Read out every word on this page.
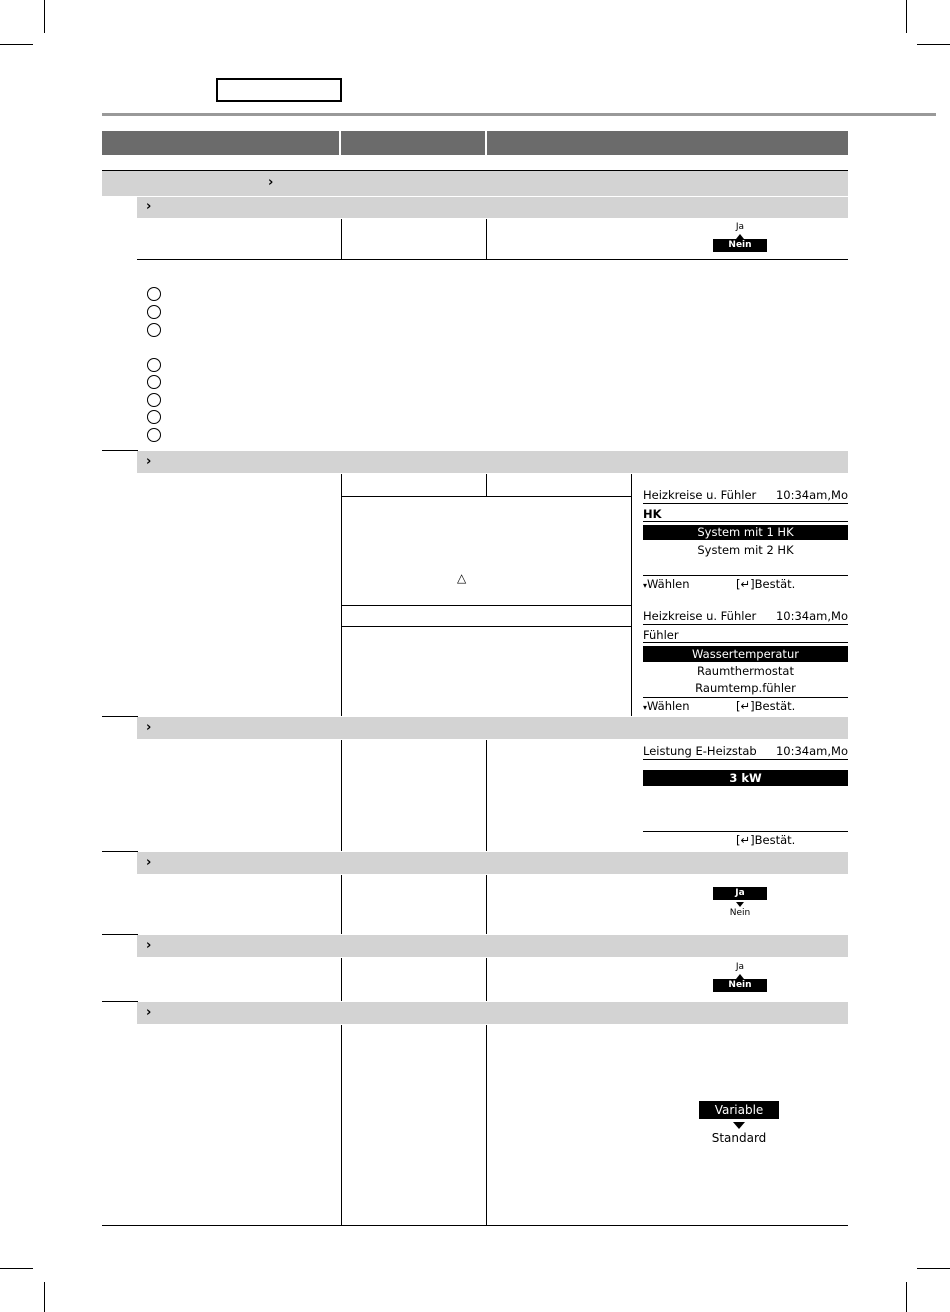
›
›
Ja
Nein
›
△
Heizkreise u. Fühler 10:34am,Mo
HK
System mit 1 HK
System mit 2 HK
▾Wählen	[↵]Bestät.
Heizkreise u. Fühler 10:34am,Mo
Fühler
Wassertemperatur
Raumthermostat
Raumtemp.fühler
▾Wählen	[↵]Bestät.
›
Leistung E-Heizstab 10:34am,Mo
3 kW
[↵]Bestät.
›
Ja
Nein
›
Ja
Nein
›
Variable
Standard
